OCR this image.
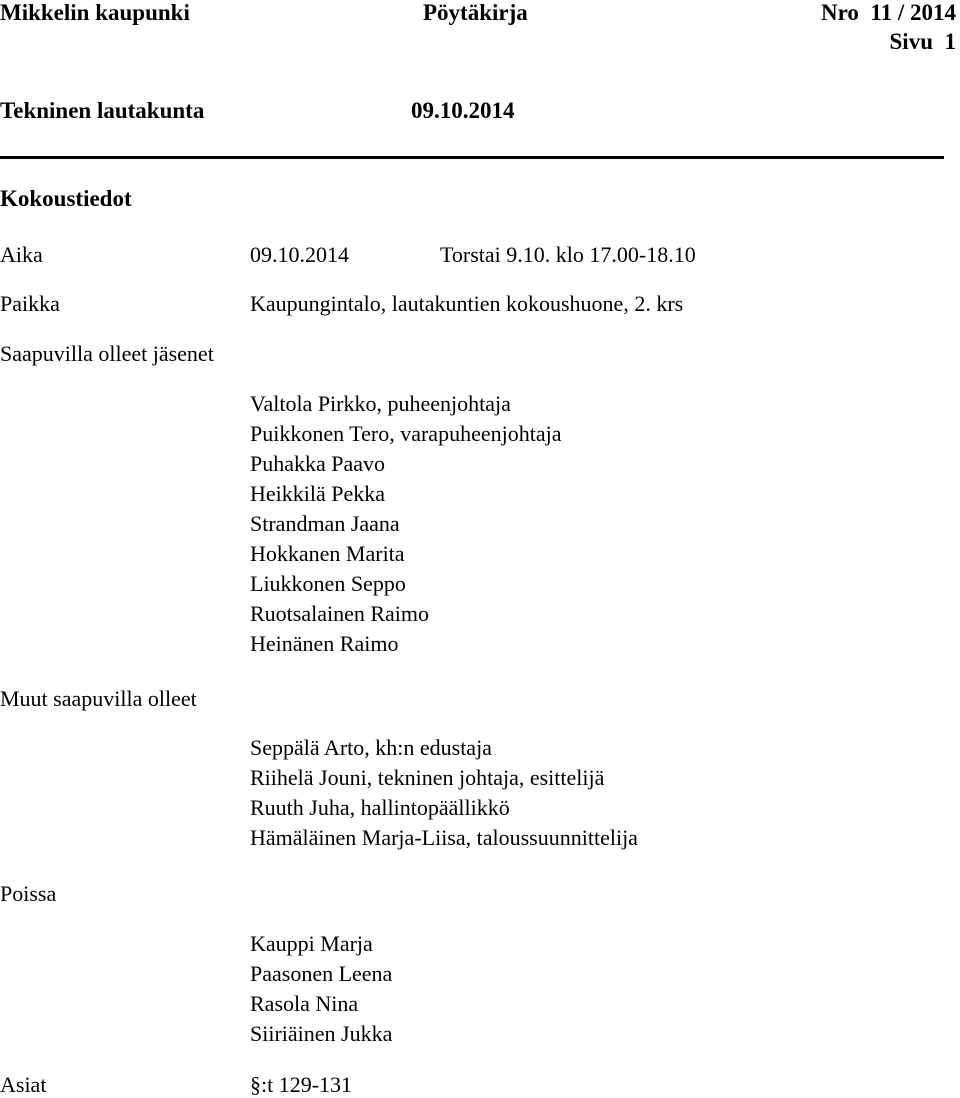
Mikkelin kaupunki	Pöytäkirja	Nro  11 / 2014
Sivu  1
Tekninen lautakunta	09.10.2014
Kokoustiedot
Aika	09.10.2014	Torstai 9.10. klo 17.00-18.10
Paikka	Kaupungintalo, lautakuntien kokoushuone, 2. krs
Saapuvilla olleet jäsenet
Valtola Pirkko, puheenjohtaja
Puikkonen Tero, varapuheenjohtaja
Puhakka Paavo
Heikkilä Pekka
Strandman Jaana
Hokkanen Marita
Liukkonen Seppo
Ruotsalainen Raimo
Heinänen Raimo
Muut saapuvilla olleet
Seppälä Arto, kh:n edustaja
Riihelä Jouni, tekninen johtaja, esittelijä
Ruuth Juha, hallintopäällikkö
Hämäläinen Marja-Liisa, taloussuunnittelija
Poissa
Kauppi Marja
Paasonen Leena
Rasola Nina
Siiriäinen Jukka
Asiat	§:t 129-131
